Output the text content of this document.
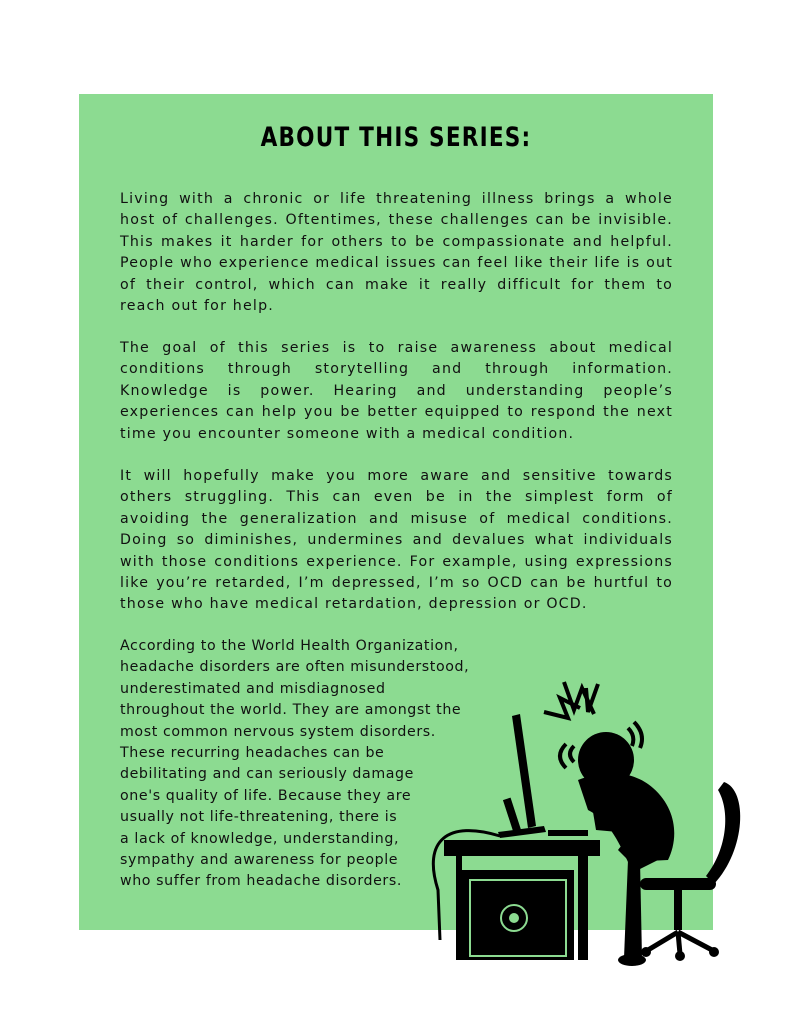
ABOUT THIS SERIES:

Living with a chronic or life threatening illness brings a whole host of challenges. Oftentimes, these challenges can be invisible. This makes it harder for others to be compassionate and helpful. People who experience medical issues can feel like their life is out of their control, which can make it really difficult for them to reach out for help.

The goal of this series is to raise awareness about medical conditions through storytelling and through information. Knowledge is power. Hearing and understanding people’s experiences can help you be better equipped to respond the next time you encounter someone with a medical condition.

It will hopefully make you more aware and sensitive towards others struggling. This can even be in the simplest form of avoiding the generalization and misuse of medical conditions. Doing so diminishes, undermines and devalues what individuals with those conditions experience. For example, using expressions like you’re retarded, I’m depressed, I’m so OCD can be hurtful to those who have medical retardation, depression or OCD.

According to the World Health Organization,
headache disorders are often misunderstood,
underestimated and misdiagnosed
throughout the world. They are amongst the
most common nervous system disorders.
These recurring headaches can be
debilitating and can seriously damage
one's quality of life. Because they are
usually not life-threatening, there is
a lack of knowledge, understanding,
sympathy and awareness for people
who suffer from headache disorders.
